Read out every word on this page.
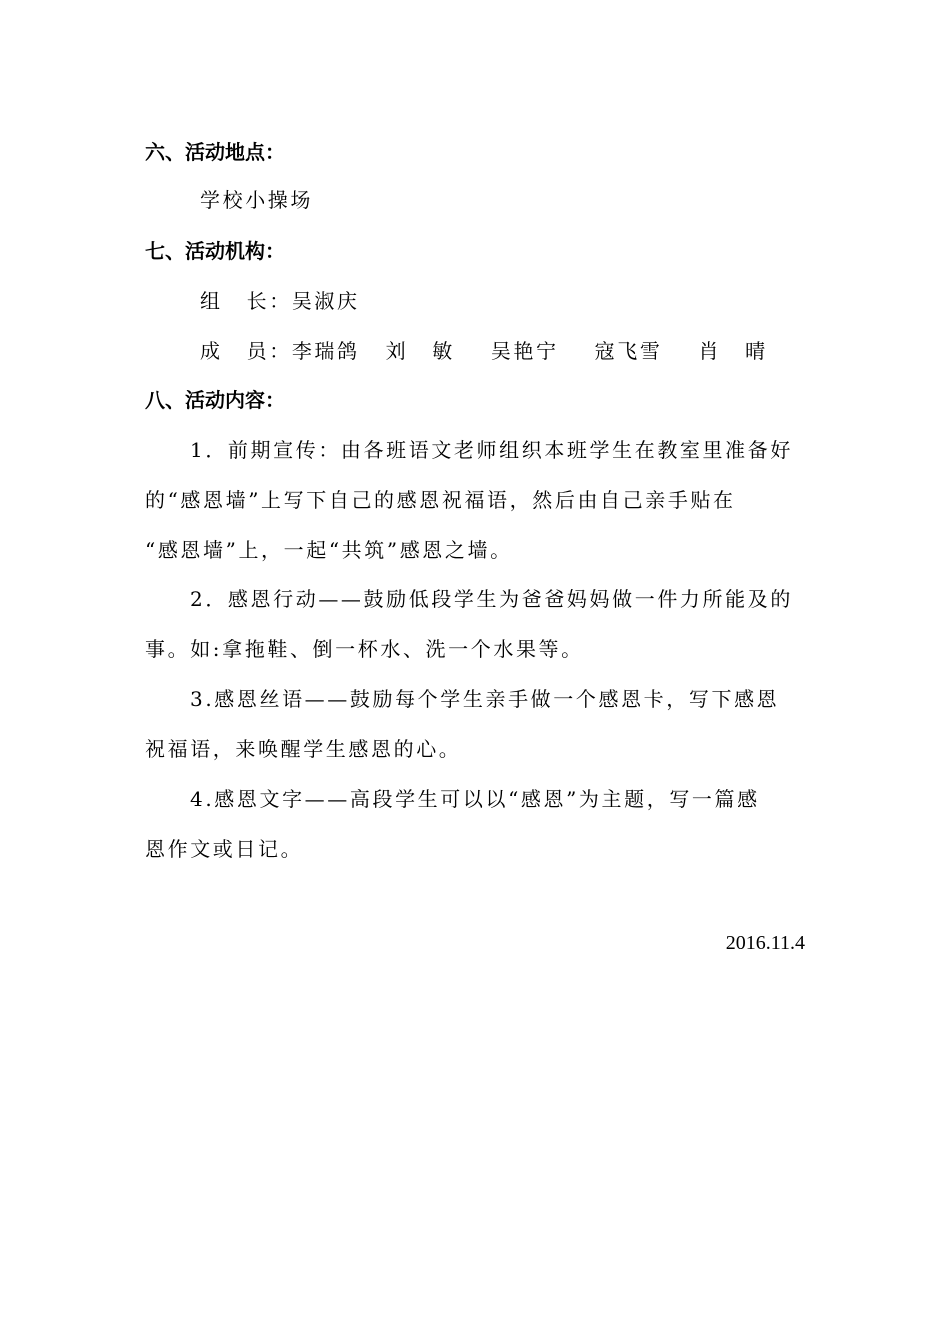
六、活动地点：
学校小操场
七、活动机构：
组 长：吴淑庆
成 员：李瑞鸽 刘 敏 吴艳宁 寇飞雪 肖 晴
八、活动内容：
1．前期宣传：由各班语文老师组织本班学生在教室里准备好
的“感恩墙”上写下自己的感恩祝福语，然后由自己亲手贴在
“感恩墙”上，一起“共筑”感恩之墙。
2．感恩行动——鼓励低段学生为爸爸妈妈做一件力所能及的
事。如:拿拖鞋、倒一杯水、洗一个水果等。
3.感恩丝语——鼓励每个学生亲手做一个感恩卡，写下感恩
祝福语，来唤醒学生感恩的心。
4.感恩文字——高段学生可以以“感恩”为主题，写一篇感
恩作文或日记。
2016.11.4
